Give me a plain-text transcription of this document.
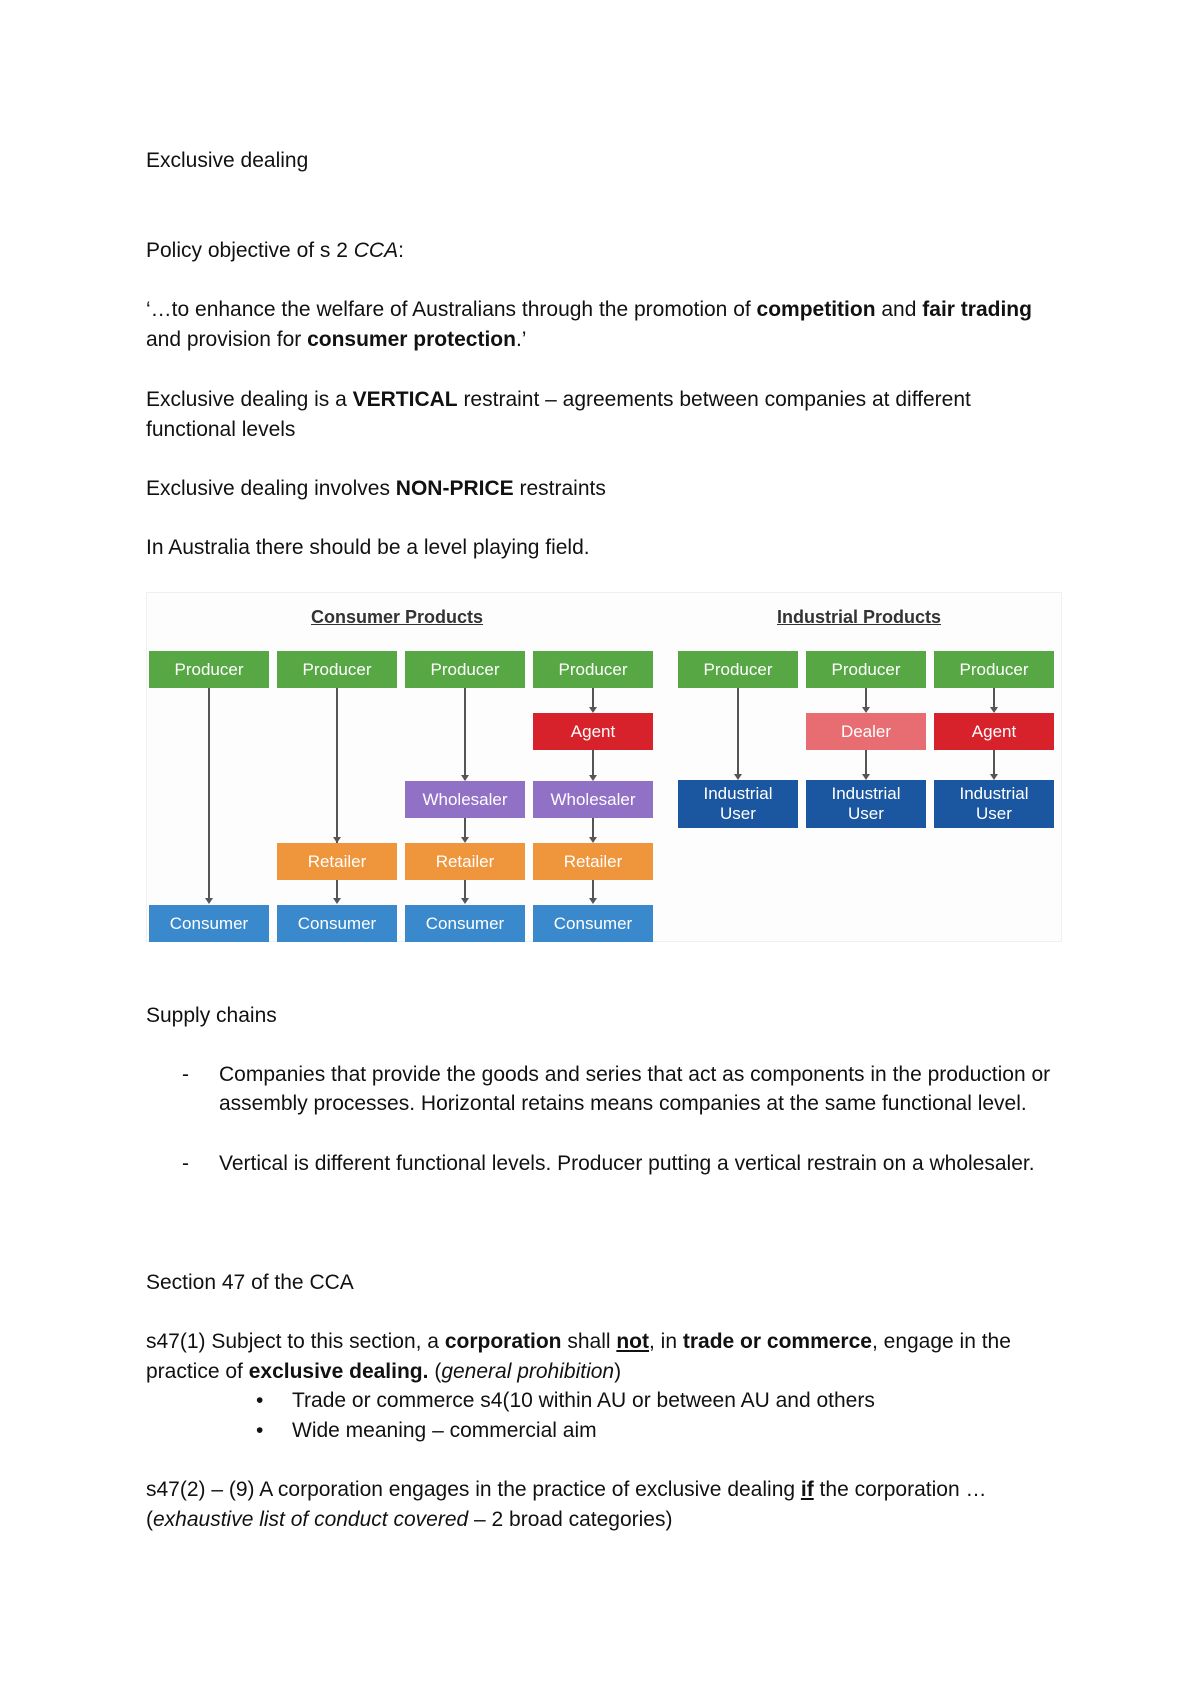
Exclusive dealing
Policy objective of s 2 CCA:
‘…to enhance the welfare of Australians through the promotion of competition and fair trading and provision for consumer protection.’
Exclusive dealing is a VERTICAL restraint – agreements between companies at different functional levels
Exclusive dealing involves NON-PRICE restraints
In Australia there should be a level playing field.
Consumer Products	Industrial Products
Producer
Consumer
Producer
Retailer
Consumer
Producer
Wholesaler
Retailer
Consumer
Producer
Agent
Wholesaler
Retailer
Consumer
Producer
Industrial
User
Producer
Dealer
Industrial
User
Producer
Agent
Industrial
User
Supply chains
- Companies that provide the goods and series that act as components in the production or assembly processes. Horizontal retains means companies at the same functional level.
- Vertical is different functional levels. Producer putting a vertical restrain on a wholesaler.
Section 47 of the CCA
s47(1) Subject to this section, a corporation shall not, in trade or commerce, engage in the practice of exclusive dealing. (general prohibition)
• Trade or commerce s4(10 within AU or between AU and others
• Wide meaning – commercial aim
s47(2) – (9) A corporation engages in the practice of exclusive dealing if the corporation …
(exhaustive list of conduct covered – 2 broad categories)
